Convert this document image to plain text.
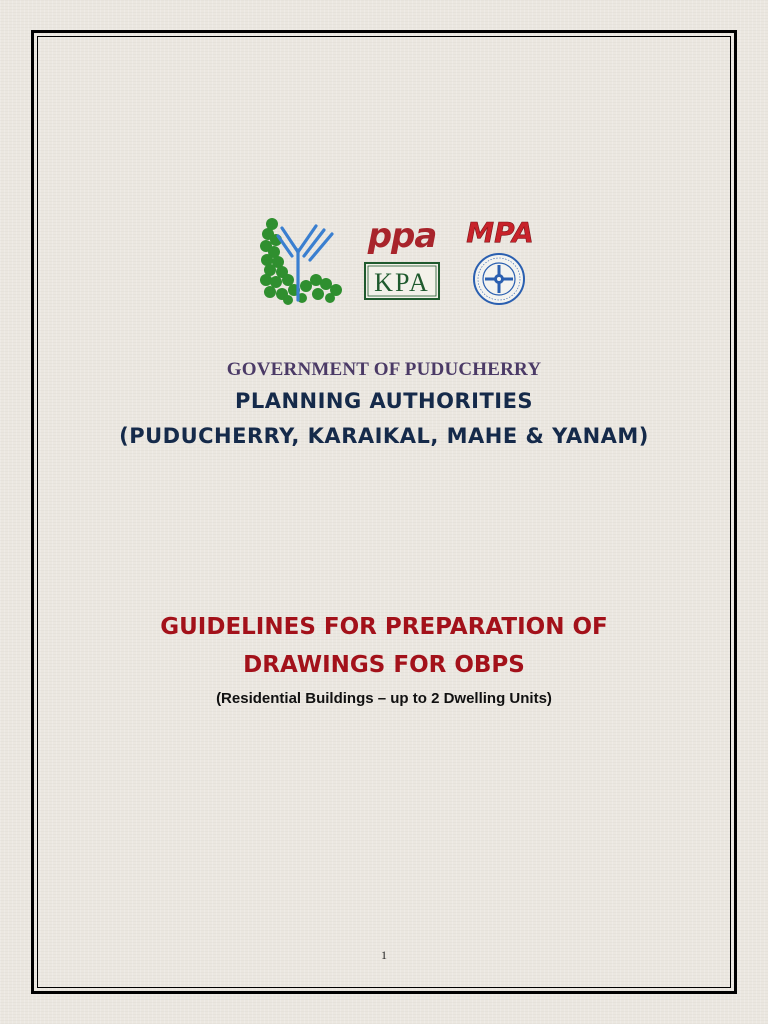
ppa MPA
KPA

GOVERNMENT OF PUDUCHERRY

PLANNING AUTHORITIES

(PUDUCHERRY, KARAIKAL, MAHE & YANAM)

GUIDELINES FOR PREPARATION OF

DRAWINGS FOR OBPS

(Residential Buildings – up to 2 Dwelling Units)

1
